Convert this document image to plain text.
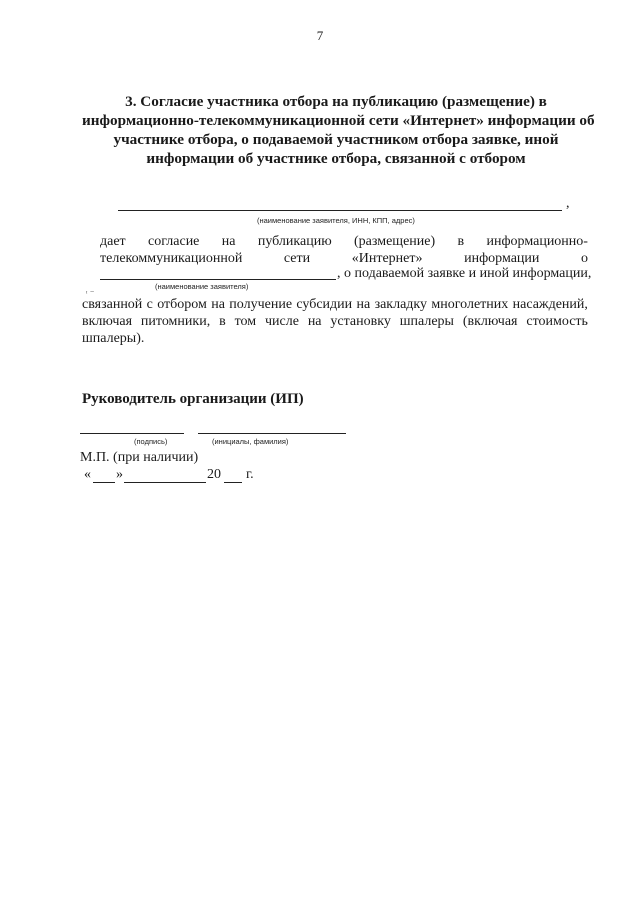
7
3. Согласие участника отбора на публикацию (размещение) в
информационно-телекоммуникационной сети «Интернет» информации об
участнике отбора, о подаваемой участником отбора заявке, иной
информации об участнике отбора, связанной с отбором
,
(наименование заявителя, ИНН, КПП, адрес)
дает согласие на публикацию (размещение) в информационно-
телекоммуникационной	сети	«Интернет»	информации	о
, о подаваемой заявке и иной информации,
(наименование заявителя)
ᶦ ⁻
связанной с отбором на получение субсидии на закладку многолетних насаждений,
включая питомники, в том числе на установку шпалеры (включая стоимость
шпалеры).
Руководитель организации (ИП)
(подпись)	(инициалы, фамилия)
М.П. (при наличии)
« »	20 г.
